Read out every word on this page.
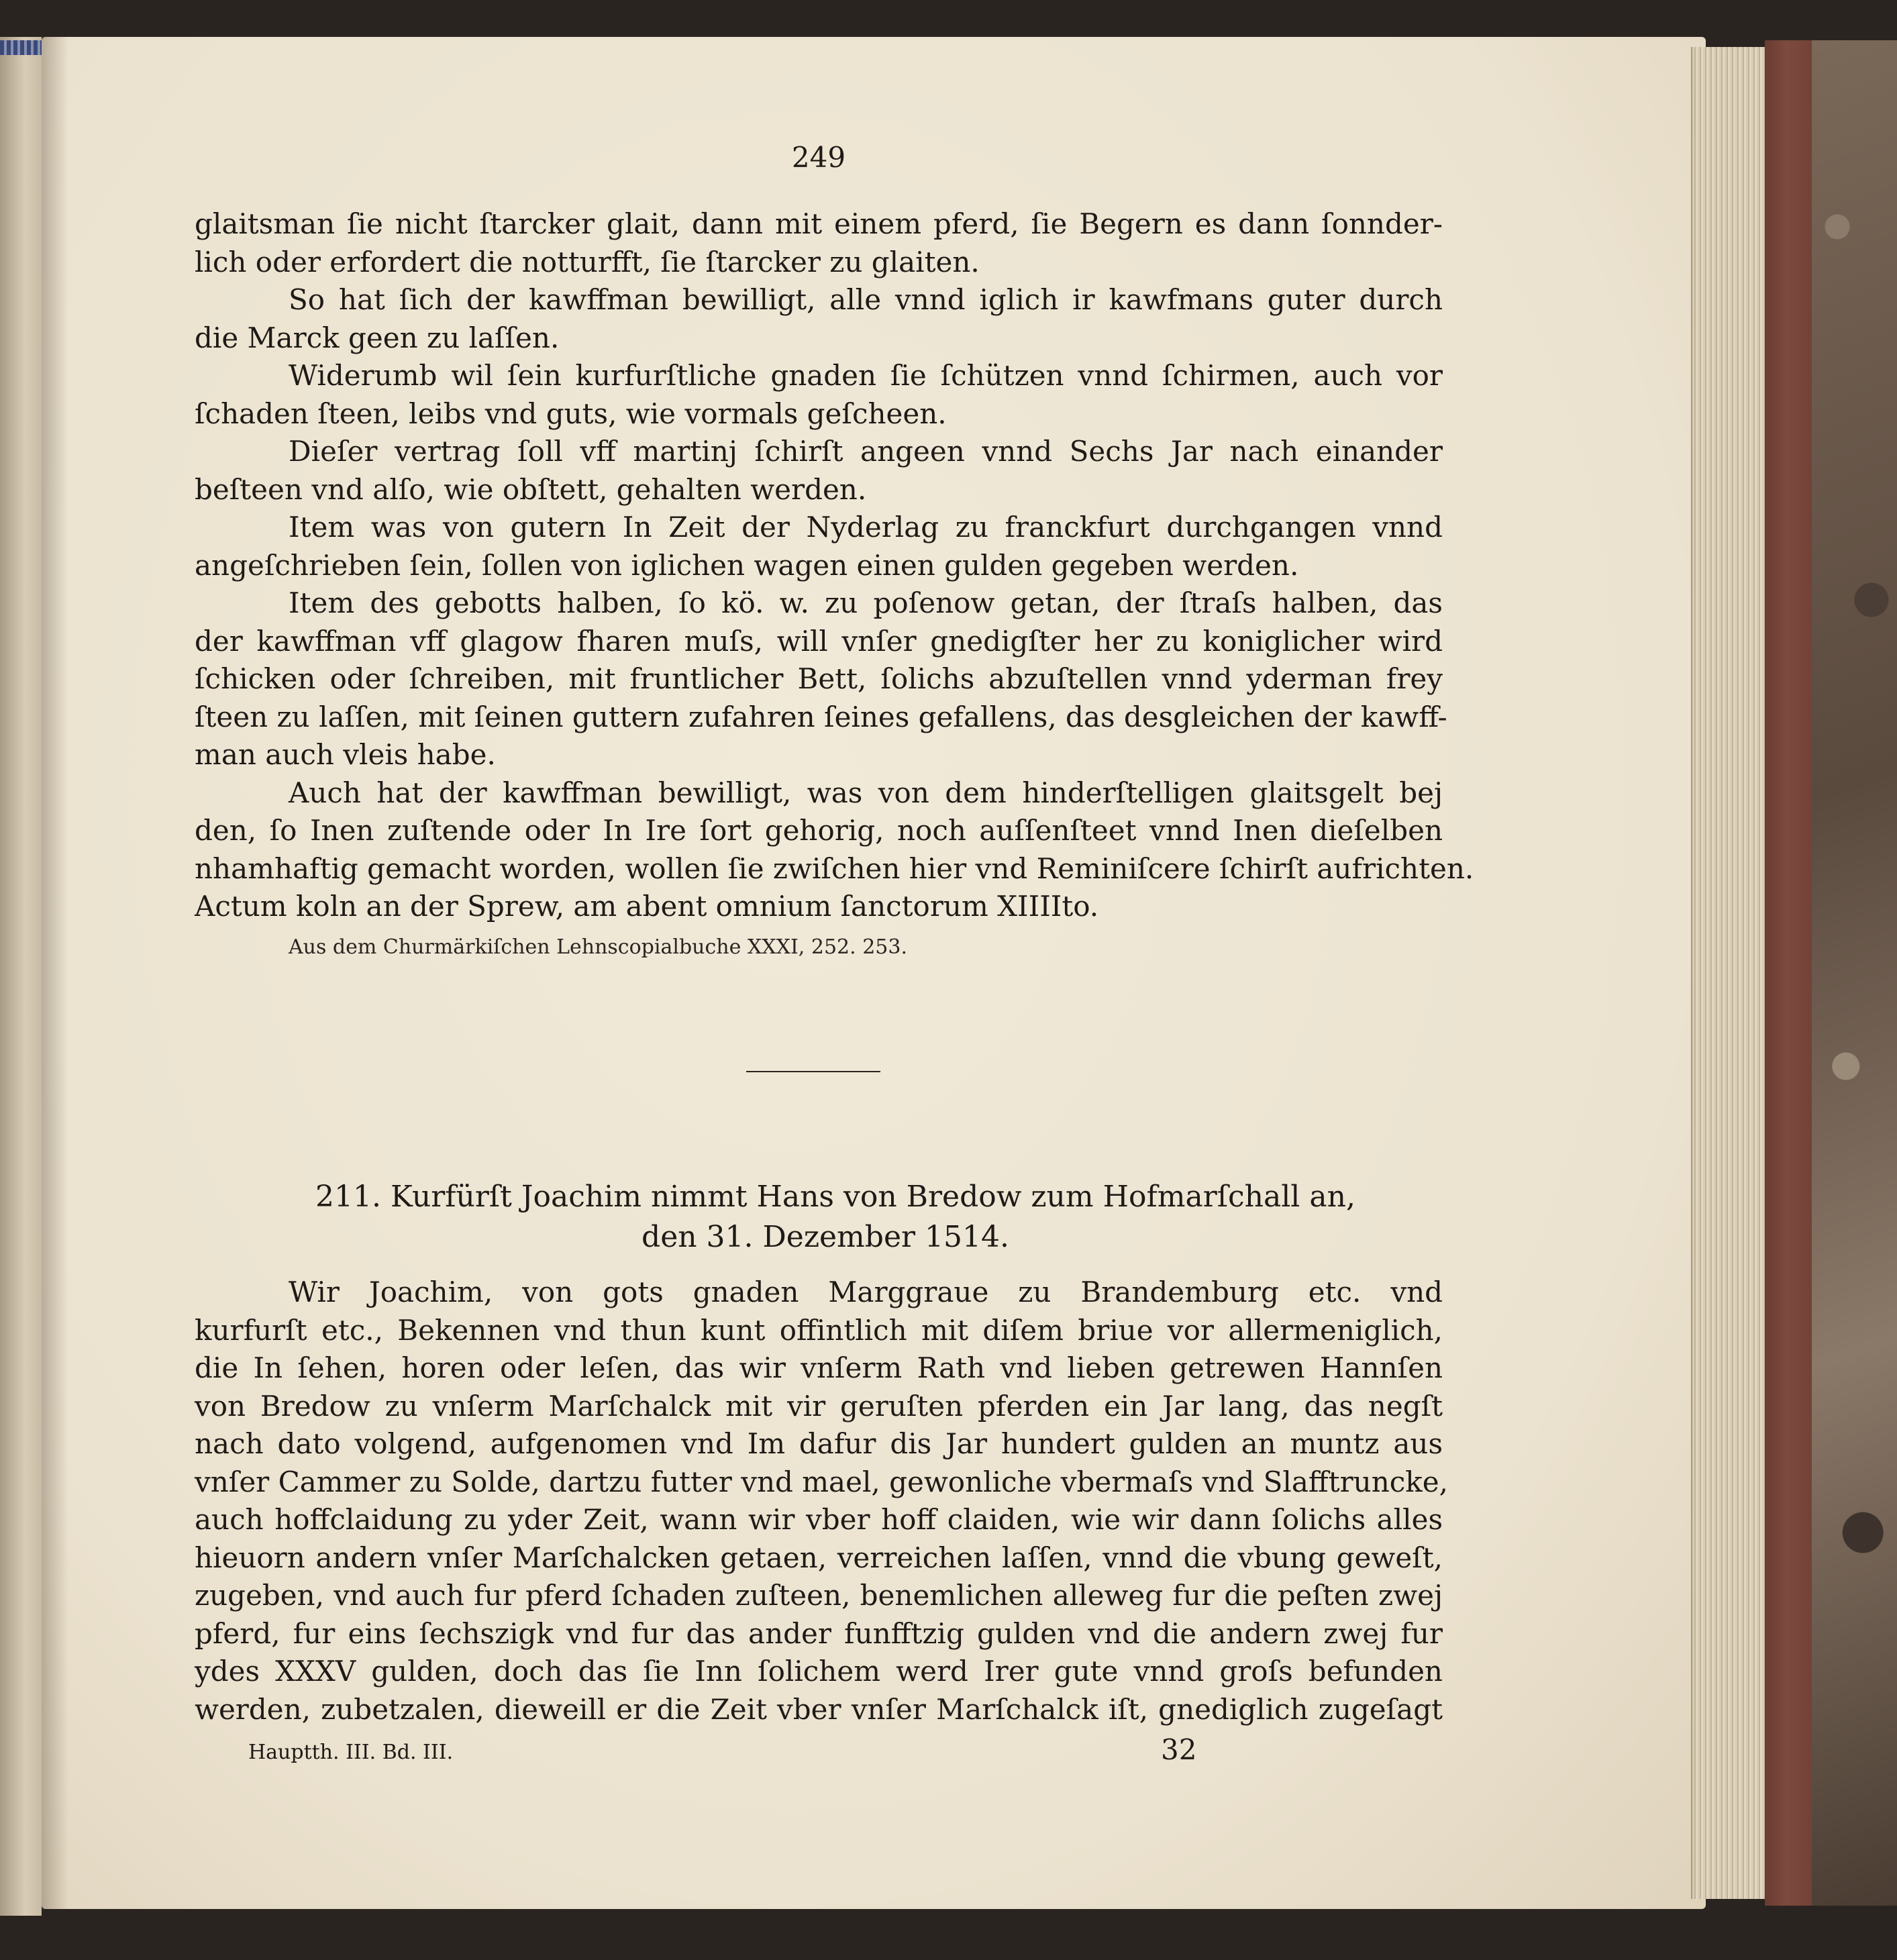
249
glaitsman ſie nicht ſtarcker glait, dann mit einem pferd, ſie Begern es dann ſonnder-
lich oder erfordert die notturfft, ſie ſtarcker zu glaiten.
So hat ſich der kawffman bewilligt, alle vnnd iglich ir kawfmans guter durch
die Marck geen zu laſſen.
Widerumb wil ſein kurfurſtliche gnaden ſie ſchützen vnnd ſchirmen, auch vor
ſchaden ſteen, leibs vnd guts, wie vormals geſcheen.
Dieſer vertrag ſoll vff martinj ſchirſt angeen vnnd Sechs Jar nach einander
beſteen vnd alſo, wie obſtett, gehalten werden.
Item was von gutern In Zeit der Nyderlag zu franckfurt durchgangen vnnd
angeſchrieben ſein, ſollen von iglichen wagen einen gulden gegeben werden.
Item des gebotts halben, ſo kö. w. zu poſenow getan, der ſtraſs halben, das
der kawffman vff glagow fharen muſs, will vnſer gnedigſter her zu koniglicher wird
ſchicken oder ſchreiben, mit fruntlicher Bett, ſolichs abzuſtellen vnnd yderman frey
ſteen zu laſſen, mit ſeinen guttern zufahren ſeines gefallens, das desgleichen der kawff-
man auch vleis habe.
Auch hat der kawffman bewilligt, was von dem hinderſtelligen glaitsgelt bej
den, ſo Inen zuſtende oder In Ire ſort gehorig, noch auſſenſteet vnnd Inen dieſelben
nhamhaftig gemacht worden, wollen ſie zwiſchen hier vnd Reminiſcere ſchirſt aufrichten.
Actum koln an der Sprew, am abent omnium ſanctorum XIIIIto.
Aus dem Churmärkiſchen Lehnscopialbuche XXXI, 252. 253.
211. Kurfürſt Joachim nimmt Hans von Bredow zum Hofmarſchall an,
den 31. Dezember 1514.
Wir Joachim, von gots gnaden Marggraue zu Brandemburg etc. vnd
kurfurſt etc., Bekennen vnd thun kunt offintlich mit diſem briue vor allermeniglich,
die In ſehen, horen oder leſen, das wir vnſerm Rath vnd lieben getrewen Hannſen
von Bredow zu vnſerm Marſchalck mit vir geruſten pferden ein Jar lang, das negſt
nach dato volgend, aufgenomen vnd Im dafur dis Jar hundert gulden an muntz aus
vnſer Cammer zu Solde, dartzu futter vnd mael, gewonliche vbermaſs vnd Slafftruncke,
auch hoffclaidung zu yder Zeit, wann wir vber hoff claiden, wie wir dann ſolichs alles
hieuorn andern vnſer Marſchalcken getaen, verreichen laſſen, vnnd die vbung geweſt,
zugeben, vnd auch fur pferd ſchaden zuſteen, benemlichen alleweg fur die peſten zwej
pferd, fur eins ſechszigk vnd fur das ander funfftzig gulden vnd die andern zwej fur
ydes XXXV gulden, doch das ſie Inn ſolichem werd Irer gute vnnd groſs befunden
werden, zubetzalen, dieweill er die Zeit vber vnſer Marſchalck iſt, gnediglich zugeſagt
Hauptth. III. Bd. III.	32
